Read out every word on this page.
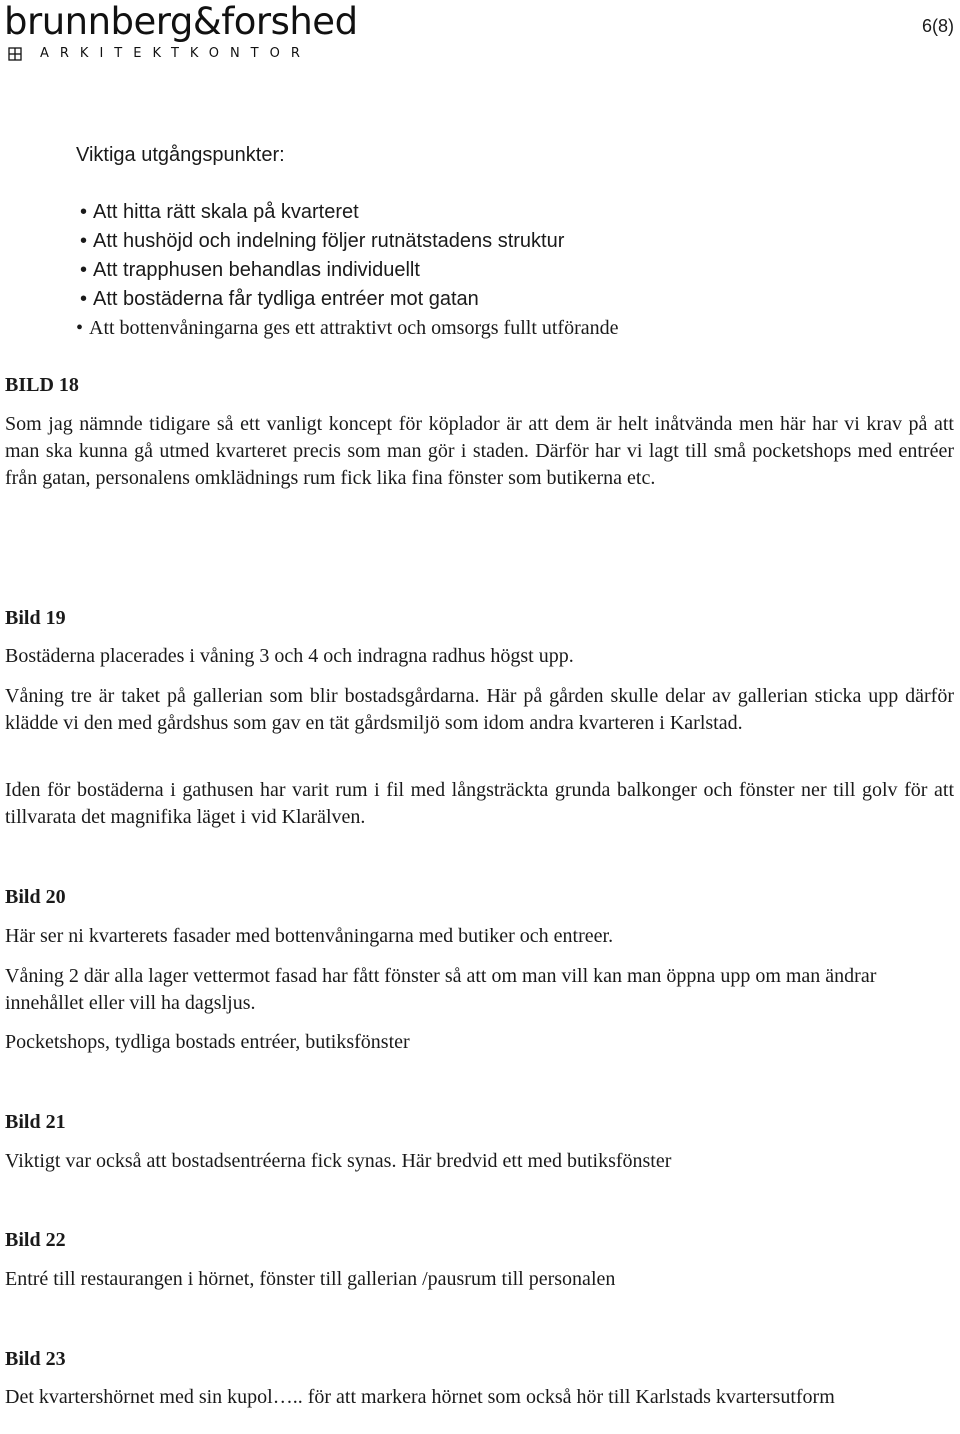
brunnberg&forshed
ARKITEKTKONTOR
6(8)
Viktiga utgångspunkter:
• Att hitta rätt skala på kvarteret
• Att hushöjd och indelning följer rutnätstadens struktur
• Att trapphusen behandlas individuellt
• Att bostäderna får tydliga entréer mot gatan
• Att bottenvåningarna ges ett attraktivt och omsorgs fullt utförande
BILD 18
Som jag nämnde tidigare så ett vanligt koncept för köplador är att dem är helt inåtvända men här har vi krav på att man ska kunna gå utmed kvarteret precis som man gör i staden. Därför har vi lagt till små pocketshops med entréer från gatan, personalens omklädnings rum fick lika fina fönster som butikerna etc.
Bild 19
Bostäderna placerades i våning 3 och 4 och indragna radhus högst upp.
Våning tre är taket på gallerian som blir bostadsgårdarna. Här på gården skulle delar av gallerian sticka upp därför klädde vi den med gårdshus som gav en tät gårdsmiljö som idom andra kvarteren i Karlstad.
Iden för bostäderna i gathusen har varit rum i fil med långsträckta grunda balkonger och fönster ner till golv för att tillvarata det magnifika läget i vid Klarälven.
Bild 20
Här ser ni kvarterets fasader med bottenvåningarna med butiker och entreer.
Våning 2 där alla lager vettermot fasad har fått fönster så att om man vill kan man öppna upp om man ändrar innehållet eller vill ha dagsljus.
Pocketshops, tydliga bostads entréer, butiksfönster
Bild 21
Viktigt var också att bostadsentréerna fick synas. Här bredvid ett med butiksfönster
Bild 22
Entré till restaurangen i hörnet, fönster till gallerian /pausrum till personalen
Bild 23
Det kvartershörnet med sin kupol….. för att markera hörnet som också hör till Karlstads kvartersutform
